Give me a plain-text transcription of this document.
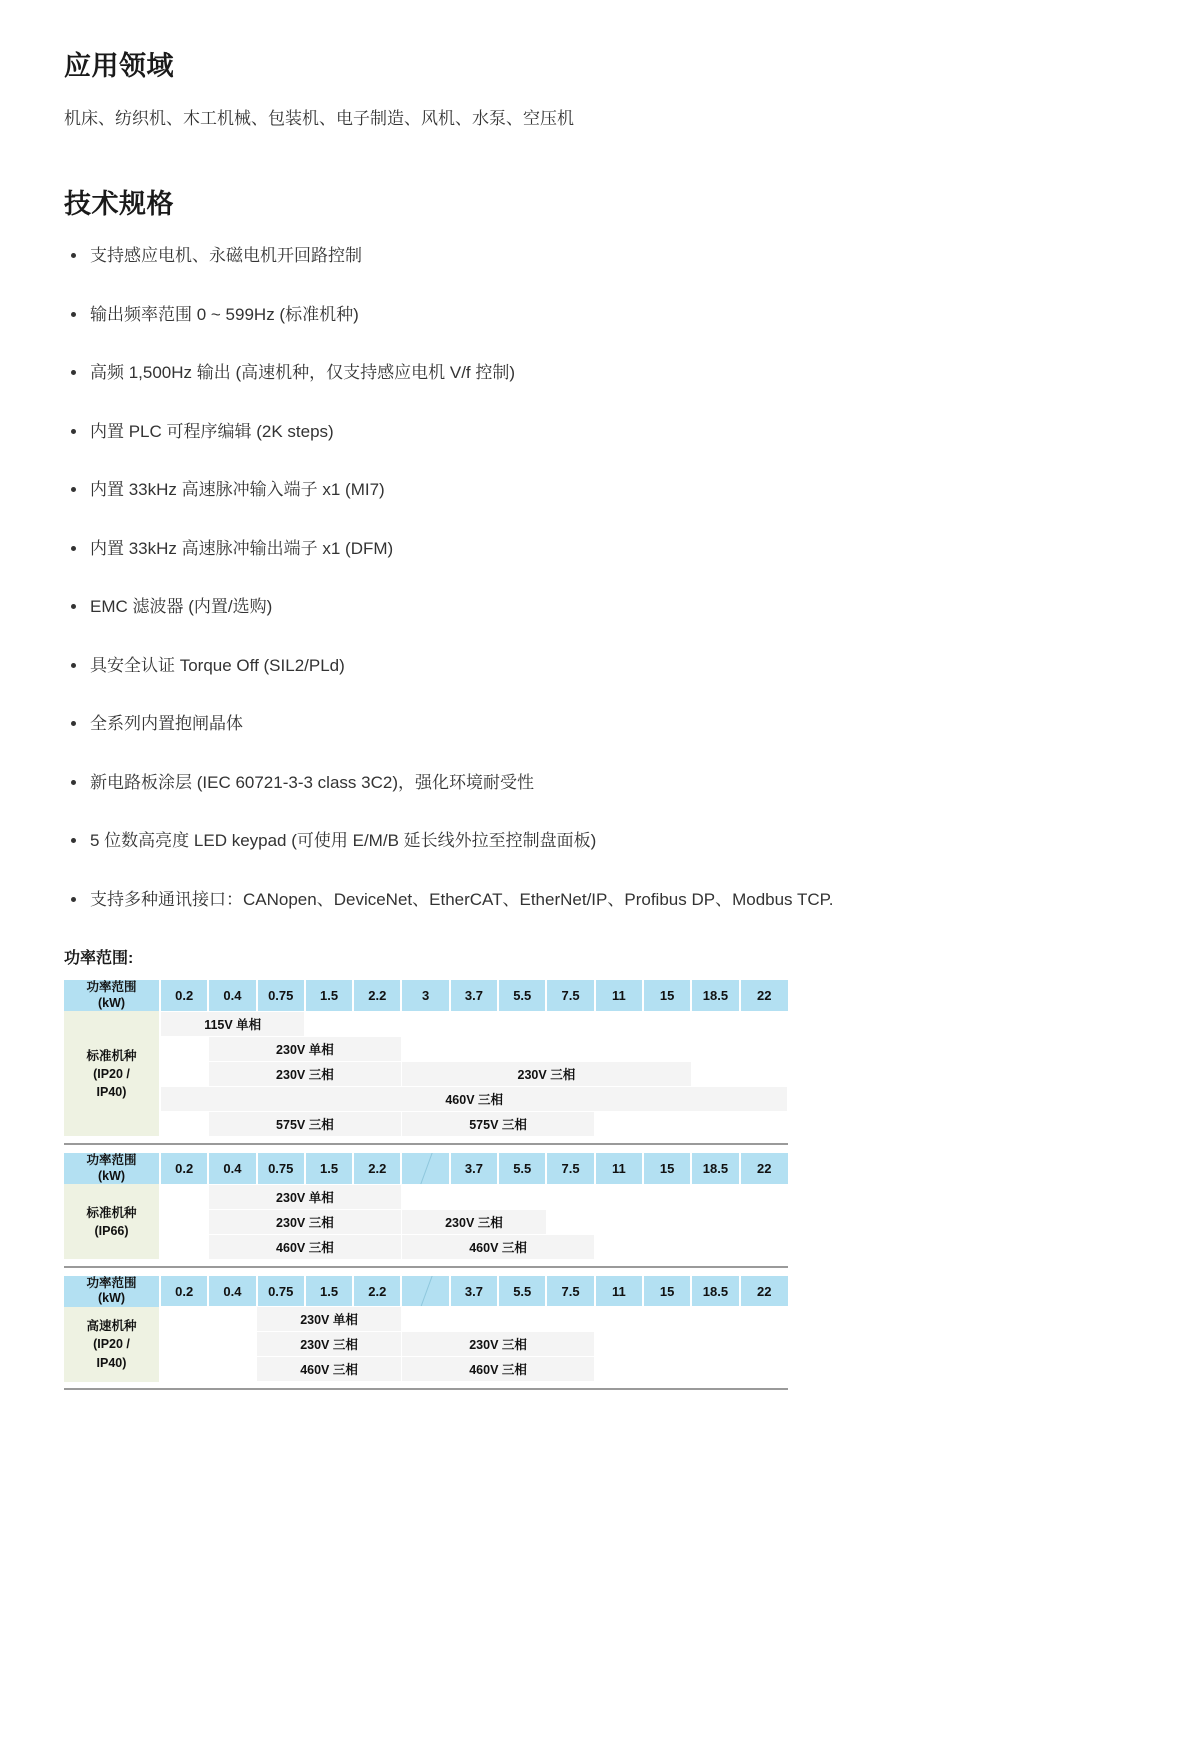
应用领域

机床、纺织机、木工机械、包装机、电子制造、风机、水泵、空压机

技术规格
支持感应电机、永磁电机开回路控制
输出频率范围 0 ~ 599Hz (标准机种)
高频 1,500Hz 输出 (高速机种，仅支持感应电机 V/f 控制)
内置 PLC 可程序编辑 (2K steps)
内置 33kHz 高速脉冲输入端子 x1 (MI7)
内置 33kHz 高速脉冲输出端子 x1 (DFM)
EMC 滤波器 (内置/选购)
具安全认证 Torque Off (SIL2/PLd)
全系列内置抱闸晶体
新电路板涂层 (IEC 60721-3-3 class 3C2)，强化环境耐受性
5 位数高亮度 LED keypad (可使用 E/M/B 延长线外拉至控制盘面板)
支持多种通讯接口：CANopen、DeviceNet、EtherCAT、EtherNet/IP、Profibus DP、Modbus TCP.
功率范围:
功率范围
(kW)	0.2	0.4	0.75	1.5	2.2	3	3.7	5.5	7.5	11	15	18.5	22

标准机种
(IP20 /
IP40)	115V 单相												
		230V 单相											
		230V 三相				230V 三相							
	460V 三相												
		575V 三相				575V 三相							
功率范围
(kW)	0.2	0.4	0.75	1.5	2.2		3.7	5.5	7.5	11	15	18.5	22

标准机种
(IP66)		230V 单相											
		230V 三相				230V 三相							
		460V 三相				460V 三相							
功率范围
(kW)	0.2	0.4	0.75	1.5	2.2		3.7	5.5	7.5	11	15	18.5	22

高速机种
(IP20 /
IP40)			230V 单相										
			230V 三相			230V 三相							
			460V 三相			460V 三相							
